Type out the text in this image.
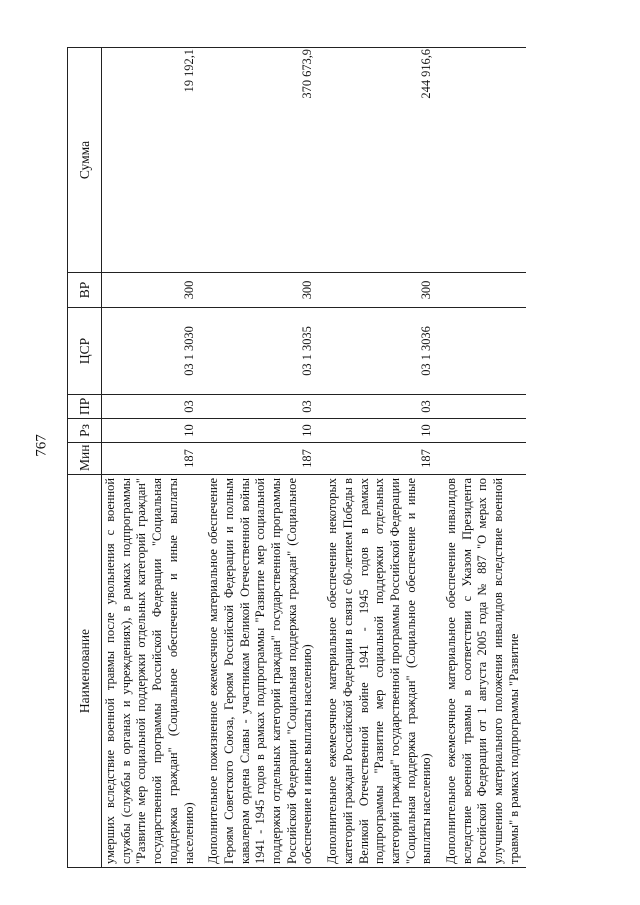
767
Наименование	Мин	Рз	ПР	ЦСР	ВР	Сумма
умерших вследствие военной травмы после увольнения с военной службы (службы в органах и учреждениях), в рамках подпрограммы "Развитие мер социальной поддержки отдельных категорий граждан" государственной программы Российской Федерации "Социальная поддержка граждан" (Социальное обеспечение и иные выплаты населению)	187	10	03	03 1 3030	300	19 192,1
Дополнительное пожизненное ежемесячное материальное обеспечение Героям Советского Союза, Героям Российской Федерации и полным кавалерам ордена Славы - участникам Великой Отечественной войны 1941 - 1945 годов в рамках подпрограммы "Развитие мер социальной поддержки отдельных категорий граждан" государственной программы Российской Федерации "Социальная поддержка граждан" (Социальное обеспечение и иные выплаты населению)	187	10	03	03 1 3035	300	370 673,9
Дополнительное ежемесячное материальное обеспечение некоторых категорий граждан Российской Федерации в связи с 60-летием Победы в Великой Отечественной войне 1941 - 1945 годов в рамках подпрограммы "Развитие мер социальной поддержки отдельных категорий граждан" государственной программы Российской Федерации "Социальная поддержка граждан" (Социальное обеспечение и иные выплаты населению)	187	10	03	03 1 3036	300	244 916,6
Дополнительное ежемесячное материальное обеспечение инвалидов вследствие военной травмы в соответствии с Указом Президента Российской Федерации от 1 августа 2005 года № 887 "О мерах по улучшению материального положения инвалидов вследствие военной травмы" в рамках подпрограммы "Развитие						
